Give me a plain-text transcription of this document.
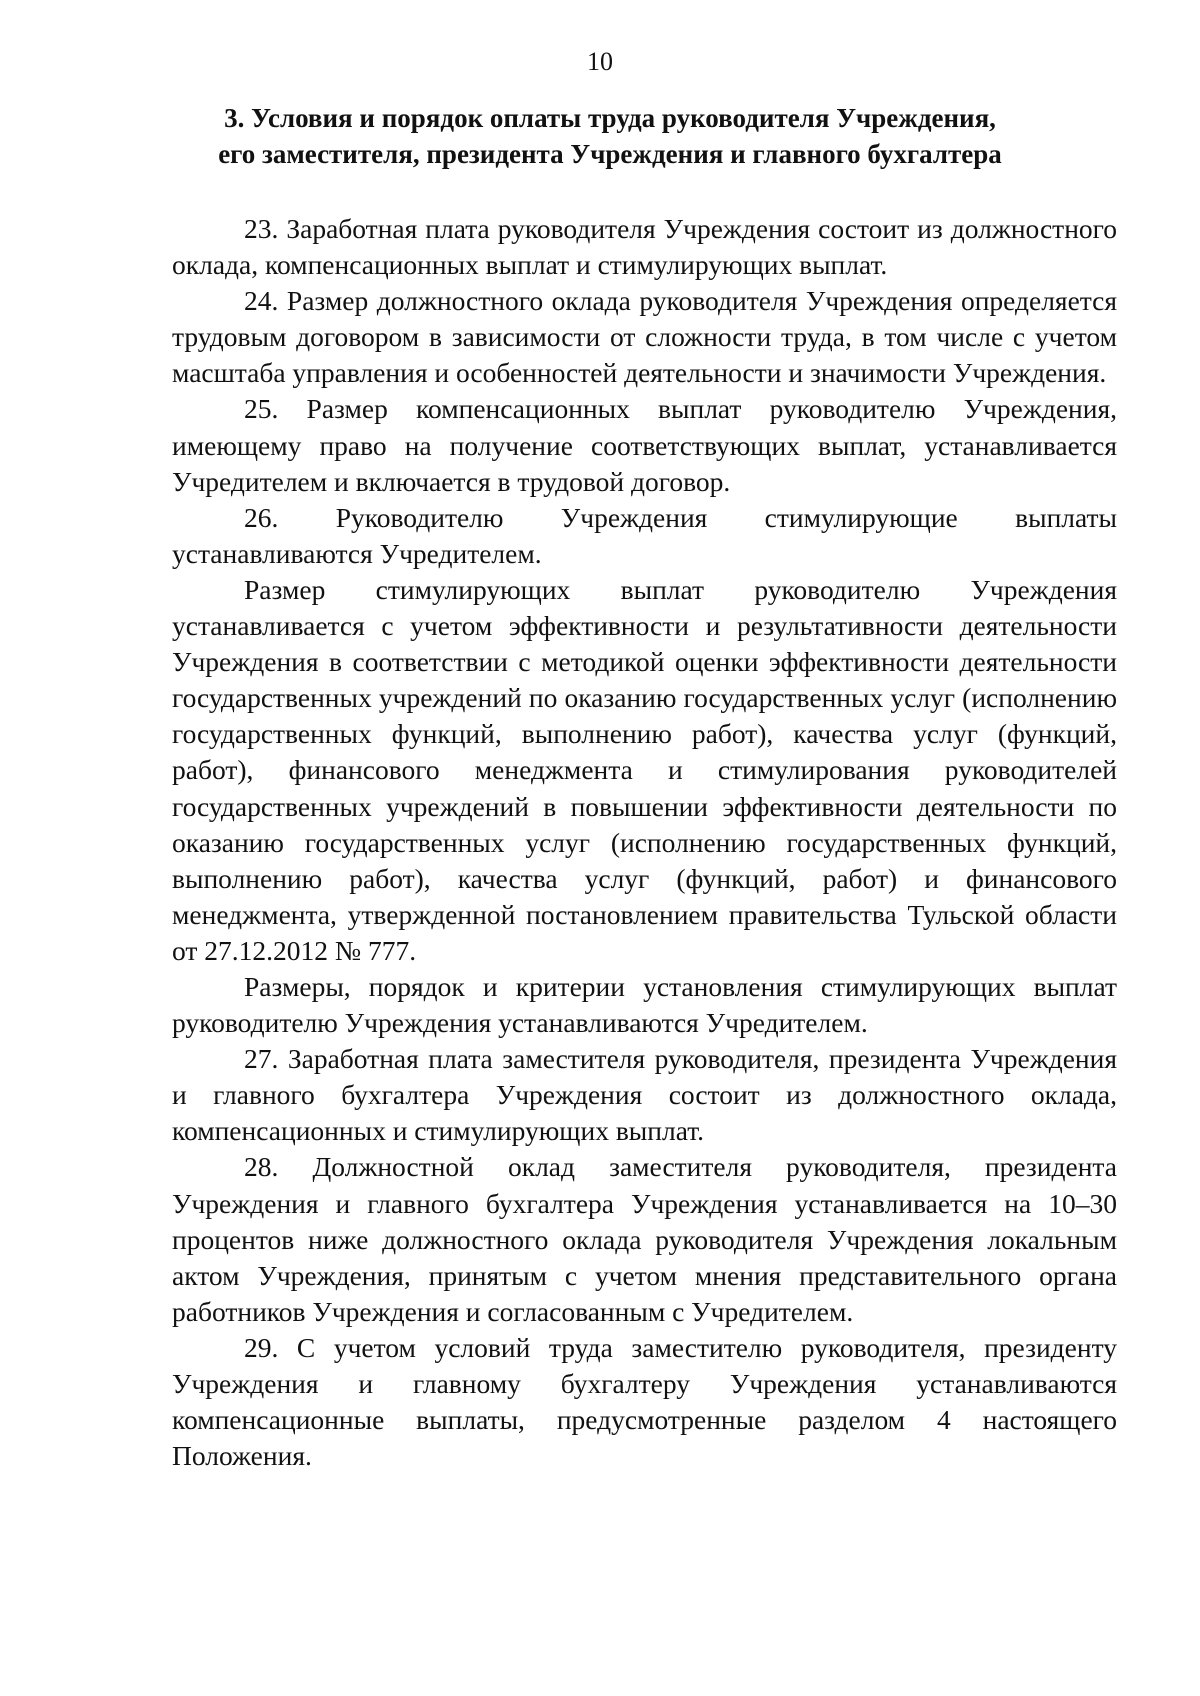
10
3. Условия и порядок оплаты труда руководителя Учреждения,
его заместителя, президента Учреждения и главного бухгалтера

23. Заработная плата руководителя Учреждения состоит из должностного оклада, компенсационных выплат и стимулирующих выплат.

24. Размер должностного оклада руководителя Учреждения определяется трудовым договором в зависимости от сложности труда, в том числе с учетом масштаба управления и особенностей деятельности и значимости Учреждения.

25. Размер компенсационных выплат руководителю Учреждения, имеющему право на получение соответствующих выплат, устанавливается Учредителем и включается в трудовой договор.

26. Руководителю Учреждения стимулирующие выплаты устанавливаются Учредителем.

Размер стимулирующих выплат руководителю Учреждения устанавливается с учетом эффективности и результативности деятельности Учреждения в соответствии с методикой оценки эффективности деятельности государственных учреждений по оказанию государственных услуг (исполнению государственных функций, выполнению работ), качества услуг (функций, работ), финансового менеджмента и стимулирования руководителей государственных учреждений в повышении эффективности деятельности по оказанию государственных услуг (исполнению государственных функций, выполнению работ), качества услуг (функций, работ) и финансового менеджмента, утвержденной постановлением правительства Тульской области от 27.12.2012 № 777.

Размеры, порядок и критерии установления стимулирующих выплат руководителю Учреждения устанавливаются Учредителем.

27. Заработная плата заместителя руководителя, президента Учреждения и главного бухгалтера Учреждения состоит из должностного оклада, компенсационных и стимулирующих выплат.

28. Должностной оклад заместителя руководителя, президента Учреждения и главного бухгалтера Учреждения устанавливается на 10–30 процентов ниже должностного оклада руководителя Учреждения локальным актом Учреждения, принятым с учетом мнения представительного органа работников Учреждения и согласованным с Учредителем.

29. С учетом условий труда заместителю руководителя, президенту Учреждения и главному бухгалтеру Учреждения устанавливаются компенсационные выплаты, предусмотренные разделом 4 настоящего Положения.
